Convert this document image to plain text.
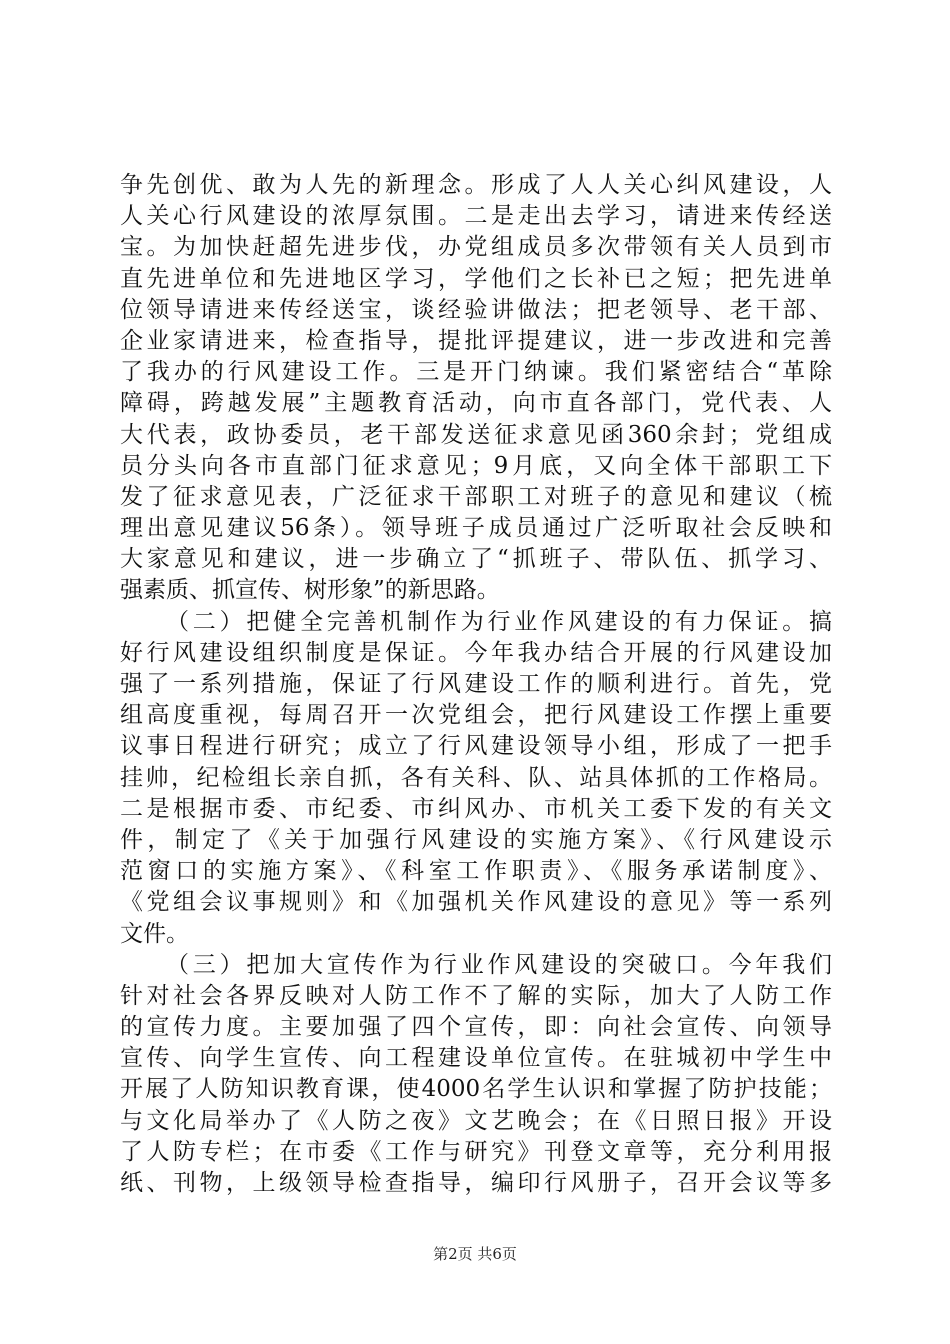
争先创优、敢为人先的新理念。形成了人人关心纠风建设，人
人关心行风建设的浓厚氛围。二是走出去学习，请进来传经送
宝。为加快赶超先进步伐，办党组成员多次带领有关人员到市
直先进单位和先进地区学习，学他们之长补已之短；把先进单
位领导请进来传经送宝，谈经验讲做法；把老领导、老干部、
企业家请进来，检查指导，提批评提建议，进一步改进和完善
了我办的行风建设工作。三是开门纳谏。我们紧密结合“革除
障碍，跨越发展”主题教育活动，向市直各部门，党代表、人
大代表，政协委员，老干部发送征求意见函360余封；党组成
员分头向各市直部门征求意见；9月底，又向全体干部职工下
发了征求意见表，广泛征求干部职工对班子的意见和建议（梳
理出意见建议56条）。领导班子成员通过广泛听取社会反映和
大家意见和建议，进一步确立了“抓班子、带队伍、抓学习、
强素质、抓宣传、树形象”的新思路。
（二）把健全完善机制作为行业作风建设的有力保证。搞
好行风建设组织制度是保证。今年我办结合开展的行风建设加
强了一系列措施，保证了行风建设工作的顺利进行。首先，党
组高度重视，每周召开一次党组会，把行风建设工作摆上重要
议事日程进行研究；成立了行风建设领导小组，形成了一把手
挂帅，纪检组长亲自抓，各有关科、队、站具体抓的工作格局。
二是根据市委、市纪委、市纠风办、市机关工委下发的有关文
件，制定了《关于加强行风建设的实施方案》、《行风建设示
范窗口的实施方案》、《科室工作职责》、《服务承诺制度》、
《党组会议事规则》和《加强机关作风建设的意见》等一系列
文件。
（三）把加大宣传作为行业作风建设的突破口。今年我们
针对社会各界反映对人防工作不了解的实际，加大了人防工作
的宣传力度。主要加强了四个宣传，即：向社会宣传、向领导
宣传、向学生宣传、向工程建设单位宣传。在驻城初中学生中
开展了人防知识教育课，使4000名学生认识和掌握了防护技能；
与文化局举办了《人防之夜》文艺晚会；在《日照日报》开设
了人防专栏；在市委《工作与研究》刊登文章等，充分利用报
纸、刊物，上级领导检查指导，编印行风册子，召开会议等多
第2页 共6页
